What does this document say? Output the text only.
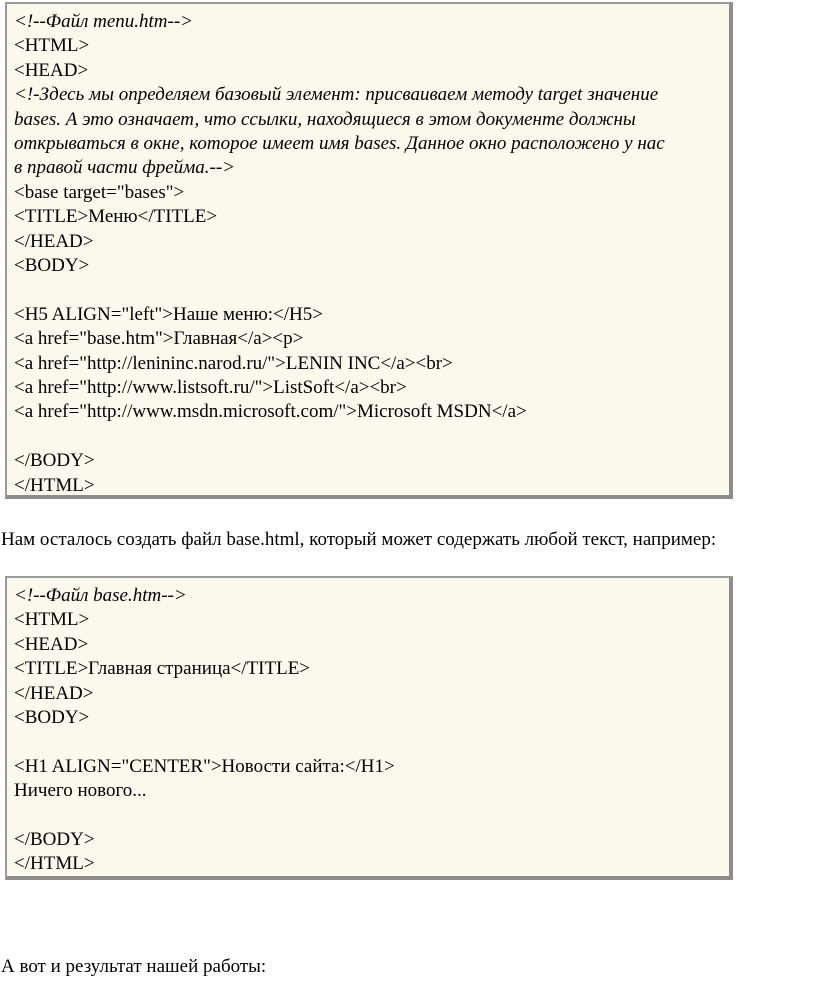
<!--Файл menu.htm-->
<HTML>
<HEAD>
<!-Здесь мы определяем базовый элемент: присваиваем методу target значение
bases. А это означает, что ссылки, находящиеся в этом документе должны
открываться в окне, которое имеет имя bases. Данное окно расположено у нас
в правой части фрейма.-->
<base target="bases">
<TITLE>Меню</TITLE>
</HEAD>
<BODY>
<H5 ALIGN="left">Наше меню:</H5>
<a href="base.htm">Главная</a><p>
<a href="http://lenininc.narod.ru/">LENIN INC</a><br>
<a href="http://www.listsoft.ru/">ListSoft</a><br>
<a href="http://www.msdn.microsoft.com/">Microsoft MSDN</a>
</BODY>
</HTML>
Нам осталось создать файл base.html, который может содержать любой текст, например:
<!--Файл base.htm-->
<HTML>
<HEAD>
<TITLE>Главная страница</TITLE>
</HEAD>
<BODY>
<H1 ALIGN="CENTER">Новости сайта:</H1>
Ничего нового...
</BODY>
</HTML>
А вот и результат нашей работы:
